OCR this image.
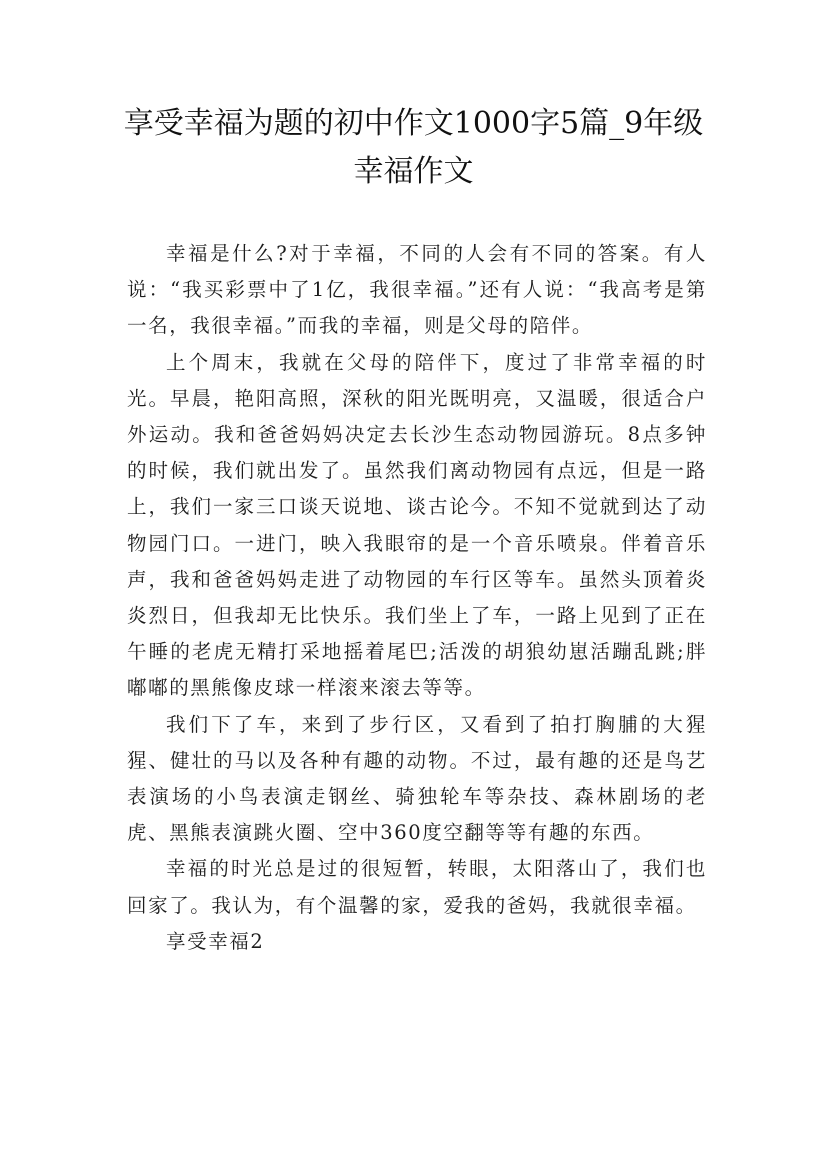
享受幸福为题的初中作文1000字5篇_9年级幸福作文

幸福是什么?对于幸福，不同的人会有不同的答案。有人说：“我买彩票中了1亿，我很幸福。”还有人说：“我高考是第一名，我很幸福。”而我的幸福，则是父母的陪伴。

上个周末，我就在父母的陪伴下，度过了非常幸福的时光。早晨，艳阳高照，深秋的阳光既明亮，又温暖，很适合户外运动。我和爸爸妈妈决定去长沙生态动物园游玩。8点多钟的时候，我们就出发了。虽然我们离动物园有点远，但是一路上，我们一家三口谈天说地、谈古论今。不知不觉就到达了动物园门口。一进门，映入我眼帘的是一个音乐喷泉。伴着音乐声，我和爸爸妈妈走进了动物园的车行区等车。虽然头顶着炎炎烈日，但我却无比快乐。我们坐上了车，一路上见到了正在午睡的老虎无精打采地摇着尾巴;活泼的胡狼幼崽活蹦乱跳;胖嘟嘟的黑熊像皮球一样滚来滚去等等。

我们下了车，来到了步行区，又看到了拍打胸脯的大猩猩、健壮的马以及各种有趣的动物。不过，最有趣的还是鸟艺表演场的小鸟表演走钢丝、骑独轮车等杂技、森林剧场的老虎、黑熊表演跳火圈、空中360度空翻等等有趣的东西。

幸福的时光总是过的很短暂，转眼，太阳落山了，我们也回家了。我认为，有个温馨的家，爱我的爸妈，我就很幸福。

享受幸福2
